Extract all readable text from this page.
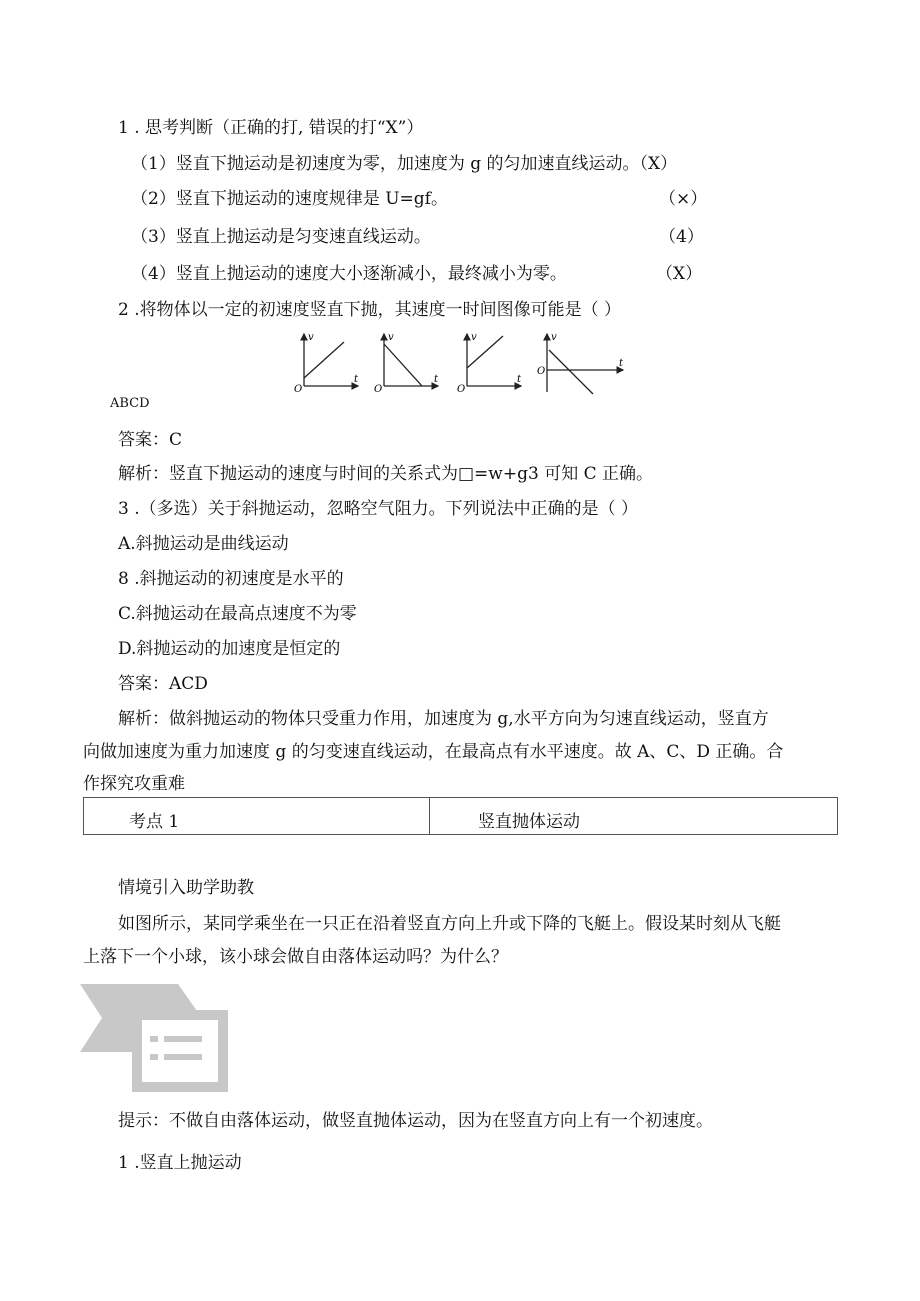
1 . 思考判断（正确的打, 错误的打“X”）
（1）竖直下抛运动是初速度为零，加速度为 g 的匀加速直线运动。（X）
（2）竖直下抛运动的速度规律是 U=gf。	（×）
（3）竖直上抛运动是匀变速直线运动。	（4）
（4）竖直上抛运动的速度大小逐渐减小，最终减小为零。	（X）
2 .将物体以一定的初速度竖直下抛，其速度一时间图像可能是（ ）
v
t
O
v
t
O
v
t
O
v
t
O
ABCD
答案：C
解析：竖直下抛运动的速度与时间的关系式为□=w+g3 可知 C 正确。
3 .（多选）关于斜抛运动，忽略空气阻力。下列说法中正确的是（ ）
A.斜抛运动是曲线运动
8 .斜抛运动的初速度是水平的
C.斜抛运动在最高点速度不为零
D.斜抛运动的加速度是恒定的
答案：ACD
解析：做斜抛运动的物体只受重力作用，加速度为 g,水平方向为匀速直线运动，竖直方
向做加速度为重力加速度 g 的匀变速直线运动，在最高点有水平速度。故 A、C、D 正确。合
作探究攻重难
考点 1	竖直抛体运动
情境引入助学助教
如图所示，某同学乘坐在一只正在沿着竖直方向上升或下降的飞艇上。假设某时刻从飞艇
上落下一个小球，该小球会做自由落体运动吗？为什么？
提示：不做自由落体运动，做竖直抛体运动，因为在竖直方向上有一个初速度。
1 .竖直上抛运动
